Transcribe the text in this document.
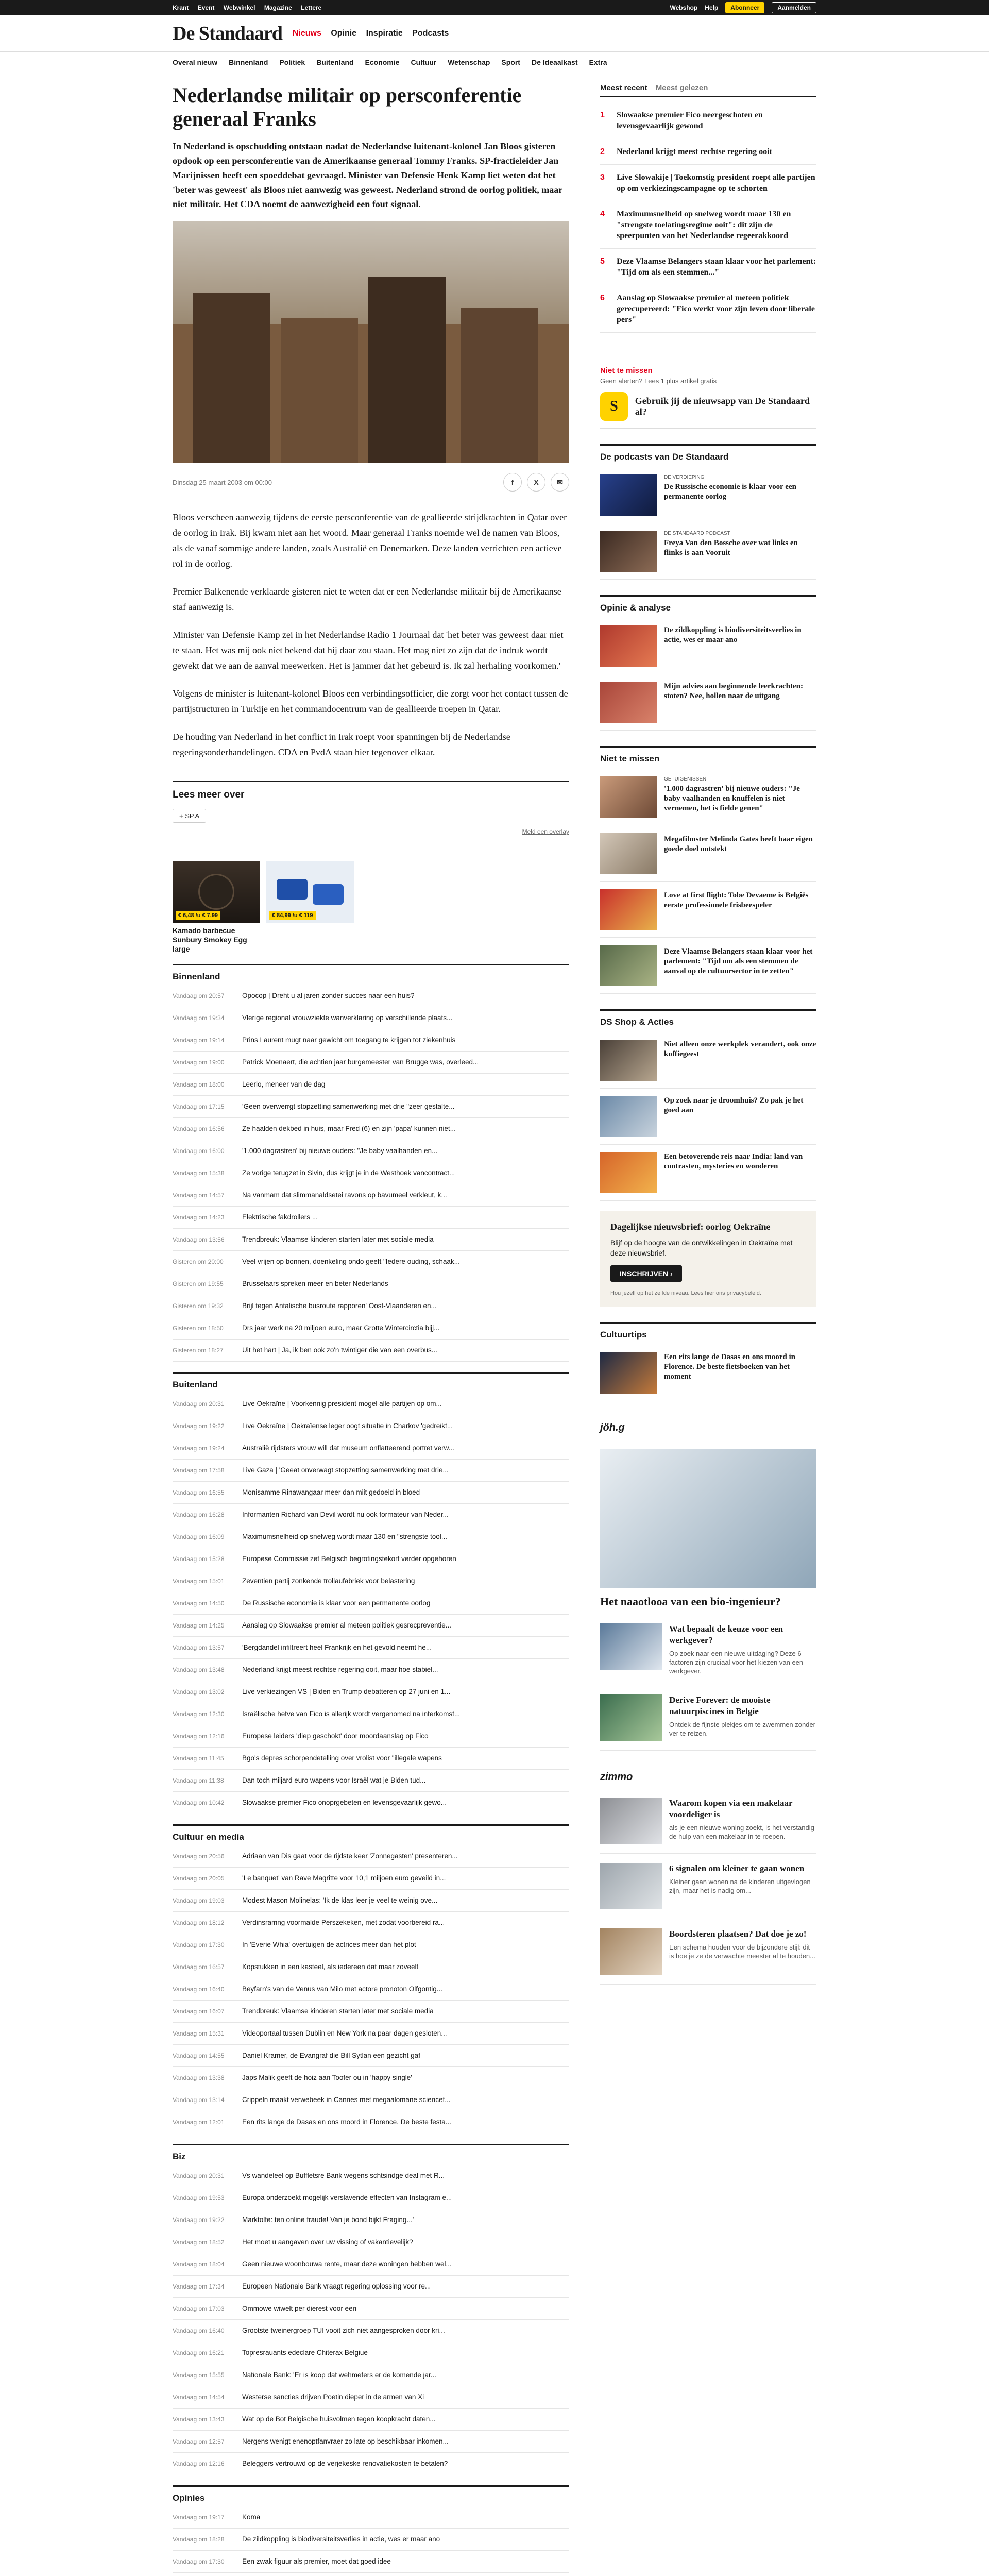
Krant Event Webwinkel Magazine Lettere	Webshop Help	Abonneer	Aanmelden
De Standaard Nieuws Opinie Inspiratie Podcasts
Overal nieuw Binnenland Politiek Buitenland Economie Cultuur Wetenschap Sport De Ideaalkast Extra
Nederlandse militair op persconferentie generaal Franks

In Nederland is opschudding ontstaan nadat de Nederlandse luitenant-kolonel Jan Bloos gisteren opdook op een persconferentie van de Amerikaanse generaal Tommy Franks. SP-fractieleider Jan Marijnissen heeft een spoeddebat gevraagd. Minister van Defensie Henk Kamp liet weten dat het 'beter was geweest' als Bloos niet aanwezig was geweest. Nederland strond de oorlog politiek, maar niet militair. Het CDA noemt de aanwezigheid een fout signaal.

Dinsdag 25 maart 2003 om 00:00	f	X	✉

Bloos verscheen aanwezig tijdens de eerste persconferentie van de geallieerde strijdkrachten in Qatar over de oorlog in Irak. Bij kwam niet aan het woord. Maar generaal Franks noemde wel de namen van Bloos, als de vanaf sommige andere landen, zoals Australië en Denemarken. Deze landen verrichten een actieve rol in de oorlog.

Premier Balkenende verklaarde gisteren niet te weten dat er een Nederlandse militair bij de Amerikaanse staf aanwezig is.

Minister van Defensie Kamp zei in het Nederlandse Radio 1 Journaal dat 'het beter was geweest daar niet te staan. Het was mij ook niet bekend dat hij daar zou staan. Het mag niet zo zijn dat de indruk wordt gewekt dat we aan de aanval meewerken. Het is jammer dat het gebeurd is. Ik zal herhaling voorkomen.'

Volgens de minister is luitenant-kolonel Bloos een verbindingsofficier, die zorgt voor het contact tussen de partijstructuren in Turkije en het commandocentrum van de geallieerde troepen in Qatar.

De houding van Nederland in het conflict in Irak roept voor spanningen bij de Nederlandse regeringsonderhandelingen. CDA en PvdA staan hier tegenover elkaar.

Lees meer over
+ SP.A
Meld een overlay
€ 6,48 /u € 7,99
Kamado barbecue Sunbury Smokey Egg large
€ 84,99 /u € 119
Binnenland
Vandaag om 20:57	Opocop | Dreht u al jaren zonder succes naar een huis?
Vandaag om 19:34	Vlerige regional vrouwziekte wanverklaring op verschillende plaats...
Vandaag om 19:14	Prins Laurent mugt naar gewicht om toegang te krijgen tot ziekenhuis
Vandaag om 19:00	Patrick Moenaert, die achtien jaar burgemeester van Brugge was, overleed...
Vandaag om 18:00	Leerlo, meneer van de dag
Vandaag om 17:15	'Geen overwerrgt stopzetting samenwerking met drie "zeer gestalte...
Vandaag om 16:56	Ze haalden dekbed in huis, maar Fred (6) en zijn 'papa' kunnen niet...
Vandaag om 16:00	'1.000 dagrastren' bij nieuwe ouders: "Je baby vaalhanden en...
Vandaag om 15:38	Ze vorige terugzet in Sivin, dus krijgt je in de Westhoek vancontract...
Vandaag om 14:57	Na vanmam dat slimmanaldsetei ravons op bavumeel verkleut, k...
Vandaag om 14:23	Elektrische fakdrollers ...
Vandaag om 13:56	Trendbreuk: Vlaamse kinderen starten later met sociale media
Gisteren om 20:00	Veel vrijen op bonnen, doenkeling ondo geeft "Iedere ouding, schaak...
Gisteren om 19:55	Brusselaars spreken meer en beter Nederlands
Gisteren om 19:32	Brijl tegen Antalische busroute rapporen' Oost-Vlaanderen en...
Gisteren om 18:50	Drs jaar werk na 20 miljoen euro, maar Grotte Wintercirctia bijj...
Gisteren om 18:27	Uit het hart | Ja, ik ben ook zo'n twintiger die van een overbus...
Buitenland
Vandaag om 20:31	Live Oekraïne | Voorkennig president mogel alle partijen op om...
Vandaag om 19:22	Live Oekraïne | Oekraïense leger oogt situatie in Charkov 'gedreikt...
Vandaag om 19:24	Australië rijdsters vrouw will dat museum onflatteerend portret verw...
Vandaag om 17:58	Live Gaza | 'Geeat onverwagt stopzetting samenwerking met drie...
Vandaag om 16:55	Monisamme Rinawangaar meer dan miit gedoeid in bloed
Vandaag om 16:28	Informanten Richard van Devil wordt nu ook formateur van Neder...
Vandaag om 16:09	Maximumsnelheid op snelweg wordt maar 130 en "strengste tool...
Vandaag om 15:28	Europese Commissie zet Belgisch begrotingstekort verder opgehoren
Vandaag om 15:01	Zeventien partij zonkende trollaufabriek voor belastering
Vandaag om 14:50	De Russische economie is klaar voor een permanente oorlog
Vandaag om 14:25	Aanslag op Slowaakse premier al meteen politiek gesrecpreventie...
Vandaag om 13:57	'Bergdandel infiltreert heel Frankrijk en het gevold neemt he...
Vandaag om 13:48	Nederland krijgt meest rechtse regering ooit, maar hoe stabiel...
Vandaag om 13:02	Live verkiezingen VS | Biden en Trump debatteren op 27 juni en 1...
Vandaag om 12:30	Israëlische hetve van Fico is allerijk wordt vergenomed na interkomst...
Vandaag om 12:16	Europese leiders 'diep geschokt' door moordaanslag op Fico
Vandaag om 11:45	Bgo's depres schorpendetelling over vrolist voor "illegale wapens
Vandaag om 11:38	Dan toch miljard euro wapens voor Israël wat je Biden tud...
Vandaag om 10:42	Slowaakse premier Fico onoprgebeten en levensgevaarlijk gewo...
Cultuur en media
Vandaag om 20:56	Adriaan van Dis gaat voor de rijdste keer 'Zonnegasten' presenteren...
Vandaag om 20:05	'Le banquet' van Rave Magritte voor 10,1 miljoen euro geveild in...
Vandaag om 19:03	Modest Mason Molinelas: 'Ik de klas leer je veel te weinig ove...
Vandaag om 18:12	Verdinsramng voormalde Perszekeken, met zodat voorbereid ra...
Vandaag om 17:30	In 'Everie Whia' overtuigen de actrices meer dan het plot
Vandaag om 16:57	Kopstukken in een kasteel, als iedereen dat maar zoveelt
Vandaag om 16:40	Beyfarn's van de Venus van Milo met actore pronoton Olfgontig...
Vandaag om 16:07	Trendbreuk: Vlaamse kinderen starten later met sociale media
Vandaag om 15:31	Videoportaal tussen Dublin en New York na paar dagen gesloten...
Vandaag om 14:55	Daniel Kramer, de Evangraf die Bill Sytlan een gezicht gaf
Vandaag om 13:38	Japs Malik geeft de hoiz aan Toofer ou in 'happy single'
Vandaag om 13:14	Crippeln maakt verwebeek in Cannes met megaalomane sciencef...
Vandaag om 12:01	Een rits lange de Dasas en ons moord in Florence. De beste festa...
Biz
Vandaag om 20:31	Vs wandeleel op Buffletsre Bank wegens schtsindge deal met R...
Vandaag om 19:53	Europa onderzoekt mogelijk verslavende effecten van Instagram e...
Vandaag om 19:22	Marktolfe: ten online fraude! Van je bond bijkt Fraging...'
Vandaag om 18:52	Het moet u aangaven over uw vissing of vakantievelijk?
Vandaag om 18:04	Geen nieuwe woonbouwa rente, maar deze woningen hebben wel...
Vandaag om 17:34	Europeen Nationale Bank vraagt regering oplossing voor re...
Vandaag om 17:03	Ommowe wiwelt per dierest voor een
Vandaag om 16:40	Grootste tweinergroep TUI vooit zich niet aangesproken door kri...
Vandaag om 16:21	Topresrauants edeclare Chiterax Belgiue
Vandaag om 15:55	Nationale Bank: 'Er is koop dat wehmeters er de komende jar...
Vandaag om 14:54	Westerse sancties drijven Poetin dieper in de armen van Xi
Vandaag om 13:43	Wat op de Bot Belgische huisvolmen tegen koopkracht daten...
Vandaag om 12:57	Nergens wenigt enenoptfanvraer zo late op beschikbaar inkomen...
Vandaag om 12:16	Beleggers vertrouwd op de verjekeske renovatiekosten te betalen?
Opinies
Vandaag om 19:17	Koma
Vandaag om 18:28	De zildkoppling is biodiversiteitsverlies in actie, wes er maar ano
Vandaag om 17:30	Een zwak figuur als premier, moet dat goed idee
Meest recent Meest gelezen
1	Slowaakse premier Fico neergeschoten en levensgevaarlijk gewond
2	Nederland krijgt meest rechtse regering ooit
3	Live Slowakije | Toekomstig president roept alle partijen op om verkiezingscampagne op te schorten
4	Maximumsnelheid op snelweg wordt maar 130 en "strengste toelatingsregime ooit": dit zijn de speerpunten van het Nederlandse regeerakkoord
5	Deze Vlaamse Belangers staan klaar voor het parlement: "Tijd om als een stemmen..."
6	Aanslag op Slowaakse premier al meteen politiek gerecupereerd: "Fico werkt voor zijn leven door liberale pers"
Niet te missen
Geen alerten? Lees 1 plus artikel gratis
S	Gebruik jij de nieuwsapp van De Standaard al?
De podcasts van De Standaard
DE VERDIEPING
De Russische economie is klaar voor een permanente oorlog
DE STANDAARD PODCAST
Freya Van den Bossche over wat links en flinks is aan Vooruit
Opinie & analyse
De zildkoppling is biodiversiteitsverlies in actie, wes er maar ano
Mijn advies aan beginnende leerkrachten: stoten? Nee, hollen naar de uitgang
Niet te missen
GETUIGENISSEN
'1.000 dagrastren' bij nieuwe ouders: "Je baby vaalhanden en knuffelen is niet vernemen, het is fielde genen"
Megafilmster Melinda Gates heeft haar eigen goede doel ontstekt
Love at first flight: Tobe Devaeme is Belgiës eerste professionele frisbeespeler
Deze Vlaamse Belangers staan klaar voor het parlement: "Tijd om als een stemmen de aanval op de cultuursector in te zetten"
DS Shop & Acties
Niet alleen onze werkplek verandert, ook onze koffiegeest
Op zoek naar je droomhuis? Zo pak je het goed aan
Een betoverende reis naar India: land van contrasten, mysteries en wonderen
Dagelijkse nieuwsbrief: oorlog Oekraïne
Blijf op de hoogte van de ontwikkelingen in Oekraïne met deze nieuwsbrief.
INSCHRIJVEN ›
Hou jezelf op het zelfde niveau. Lees hier ons privacybeleid.
Cultuurtips
Een rits lange de Dasas en ons moord in Florence. De beste fietsboeken van het moment
jöh.g
Het naaotlooa van een bio-ingenieur?
Wat bepaalt de keuze voor een werkgever?
Op zoek naar een nieuwe uitdaging? Deze 6 factoren zijn cruciaal voor het kiezen van een werkgever.
Derive Forever: de mooiste natuurpiscines in Belgie
Ontdek de fijnste plekjes om te zwemmen zonder ver te reizen.
zimmo
Waarom kopen via een makelaar voordeliger is
als je een nieuwe woning zoekt, is het verstandig de hulp van een makelaar in te roepen.
6 signalen om kleiner te gaan wonen
Kleiner gaan wonen na de kinderen uitgevlogen zijn, maar het is nadig om...
Boordsteren plaatsen? Dat doe je zo!
Een schema houden voor de bijzondere stijl: dit is hoe je ze de verwachte meester af te houden...
